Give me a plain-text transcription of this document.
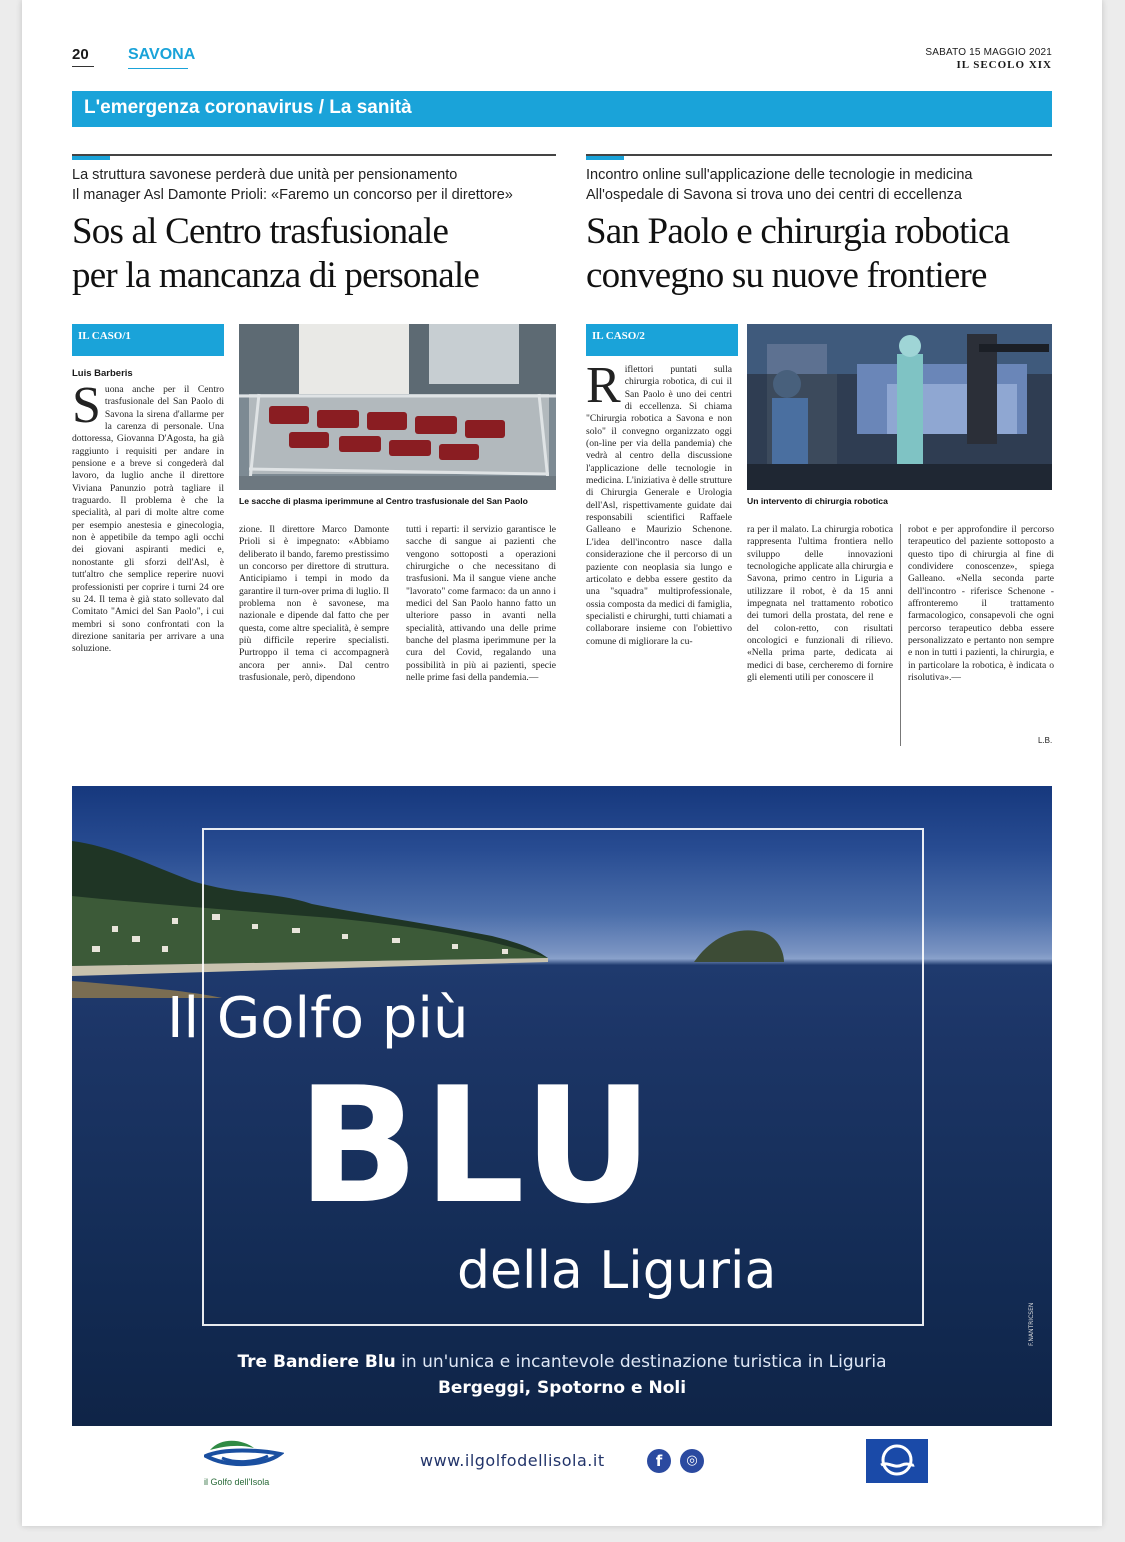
20 SAVONA	SABATO 15 MAGGIO 2021
IL SECOLO XIX
L'emergenza coronavirus / La sanità
La struttura savonese perderà due unità per pensionamento
Il manager Asl Damonte Prioli: «Faremo un concorso per il direttore»
Sos al Centro trasfusionale
per la mancanza di personale
IL CASO/1
Luis Barberis
Suona anche per il Centro trasfusionale del San Paolo di Savona la sirena d'allarme per la carenza di personale. Una dottoressa, Giovanna D'Agosta, ha già raggiunto i requisiti per andare in pensione e a breve si congederà dal lavoro, da luglio anche il direttore Viviana Panunzio potrà tagliare il traguardo. Il problema è che la specialità, al pari di molte altre come per esempio anestesia e ginecologia, non è appetibile da tempo agli occhi dei giovani aspiranti medici e, nonostante gli sforzi dell'Asl, è tutt'altro che semplice reperire nuovi professionisti per coprire i turni 24 ore su 24. Il tema è già stato sollevato dal Comitato "Amici del San Paolo", i cui membri si sono confrontati con la direzione sanitaria per arrivare a una soluzione.
Le sacche di plasma iperimmune al Centro trasfusionale del San Paolo
zione. Il direttore Marco Damonte Prioli si è impegnato: «Abbiamo deliberato il bando, faremo prestissimo un concorso per direttore di struttura. Anticipiamo i tempi in modo da garantire il turn-over prima di luglio. Il problema non è savonese, ma nazionale e dipende dal fatto che per questa, come altre specialità, è sempre più difficile reperire specialisti. Purtroppo il tema ci accompagnerà ancora per anni». Dal centro trasfusionale, però, dipendono
tutti i reparti: il servizio garantisce le sacche di sangue ai pazienti che vengono sottoposti a operazioni chirurgiche o che necessitano di trasfusioni. Ma il sangue viene anche "lavorato" come farmaco: da un anno i medici del San Paolo hanno fatto un ulteriore passo in avanti nella specialità, attivando una delle prime banche del plasma iperimmune per la cura del Covid, regalando una possibilità in più ai pazienti, specie nelle prime fasi della pandemia.—
Incontro online sull'applicazione delle tecnologie in medicina
All'ospedale di Savona si trova uno dei centri di eccellenza
San Paolo e chirurgia robotica
convegno su nuove frontiere
IL CASO/2
Riflettori puntati sulla chirurgia robotica, di cui il San Paolo è uno dei centri di eccellenza. Si chiama "Chirurgia robotica a Savona e non solo" il convegno organizzato oggi (on-line per via della pandemia) che vedrà al centro della discussione l'applicazione delle tecnologie in medicina. L'iniziativa è delle strutture di Chirurgia Generale e Urologia dell'Asl, rispettivamente guidate dai responsabili scientifici Raffaele Galleano e Maurizio Schenone. L'idea dell'incontro nasce dalla considerazione che il percorso di un paziente con neoplasia sia lungo e articolato e debba essere gestito da una "squadra" multiprofessionale, ossia composta da medici di famiglia, specialisti e chirurghi, tutti chiamati a collaborare insieme con l'obiettivo comune di migliorare la cu-
Un intervento di chirurgia robotica
ra per il malato. La chirurgia robotica rappresenta l'ultima frontiera nello sviluppo delle innovazioni tecnologiche applicate alla chirurgia e Savona, primo centro in Liguria a utilizzare il robot, è da 15 anni impegnata nel trattamento robotico dei tumori della prostata, del rene e del colon-retto, con risultati oncologici e funzionali di rilievo. «Nella prima parte, dedicata ai medici di base, cercheremo di fornire gli elementi utili per conoscere il
robot e per approfondire il percorso terapeutico del paziente sottoposto a questo tipo di chirurgia al fine di condividere conoscenze», spiega Galleano. «Nella seconda parte dell'incontro - riferisce Schenone - affronteremo il trattamento farmacologico, consapevoli che ogni percorso terapeutico debba essere personalizzato e pertanto non sempre e non in tutti i pazienti, la chirurgia, e in particolare la robotica, è indicata o risolutiva».—
L.B.
Il Golfo più
BLU
della Liguria
Tre Bandiere Blu in un'unica e incantevole destinazione turistica in Liguria
Bergeggi, Spotorno e Noli
F.NANTRICSEN
il Golfo dell'Isola
www.ilgolfodellisola.it	f	◎
